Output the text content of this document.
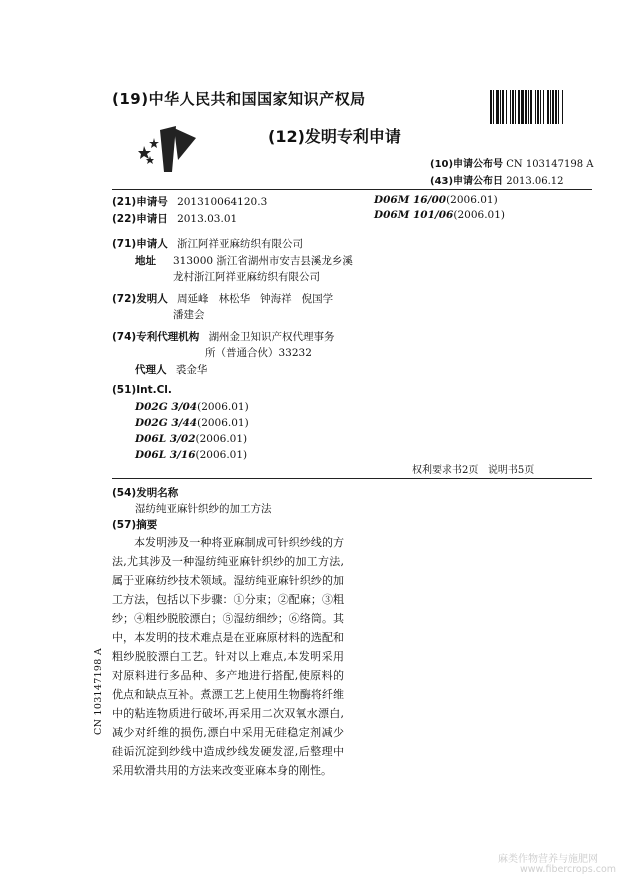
(19)中华人民共和国国家知识产权局
(12)发明专利申请
(10)申请公布号 CN 103147198 A
(43)申请公布日 2013.06.12
(21)申请号 201310064120.3
(22)申请日 2013.03.01
(71)申请人 浙江阿祥亚麻纺织有限公司
地址 313000 浙江省湖州市安吉县溪龙乡溪
龙村浙江阿祥亚麻纺织有限公司
(72)发明人 周延峰   林松华   钟海祥   倪国学
潘建会
(74)专利代理机构 湖州金卫知识产权代理事务
所（普通合伙）33232
代理人 裘金华
(51)Int.Cl.
D02G 3/04(2006.01)
D02G 3/44(2006.01)
D06L 3/02(2006.01)
D06L 3/16(2006.01)
D06M 16/00(2006.01)
D06M 101/06(2006.01)
权利要求书2页   说明书5页
(54)发明名称
湿纺纯亚麻针织纱的加工方法
(57)摘要
本发明涉及一种将亚麻制成可针织纱线的方法,尤其涉及一种湿纺纯亚麻针织纱的加工方法,属于亚麻纺纱技术领域。湿纺纯亚麻针织纱的加工方法，包括以下步骤：①分束；②配麻；③粗纱；④粗纱脱胶漂白；⑤湿纺细纱；⑥络筒。其中，本发明的技术难点是在亚麻原材料的选配和粗纱脱胶漂白工艺。针对以上难点,本发明采用对原料进行多品种、多产地进行搭配,使原料的优点和缺点互补。煮漂工艺上使用生物酶将纤维中的粘连物质进行破坏,再采用二次双氧水漂白,减少对纤维的损伤,漂白中采用无硅稳定剂减少硅诟沉淀到纱线中造成纱线发硬发涩,后整理中采用软滑共用的方法来改变亚麻本身的刚性。
CN 103147198 A
麻类作物营养与施肥网
www.fibercrops.com
